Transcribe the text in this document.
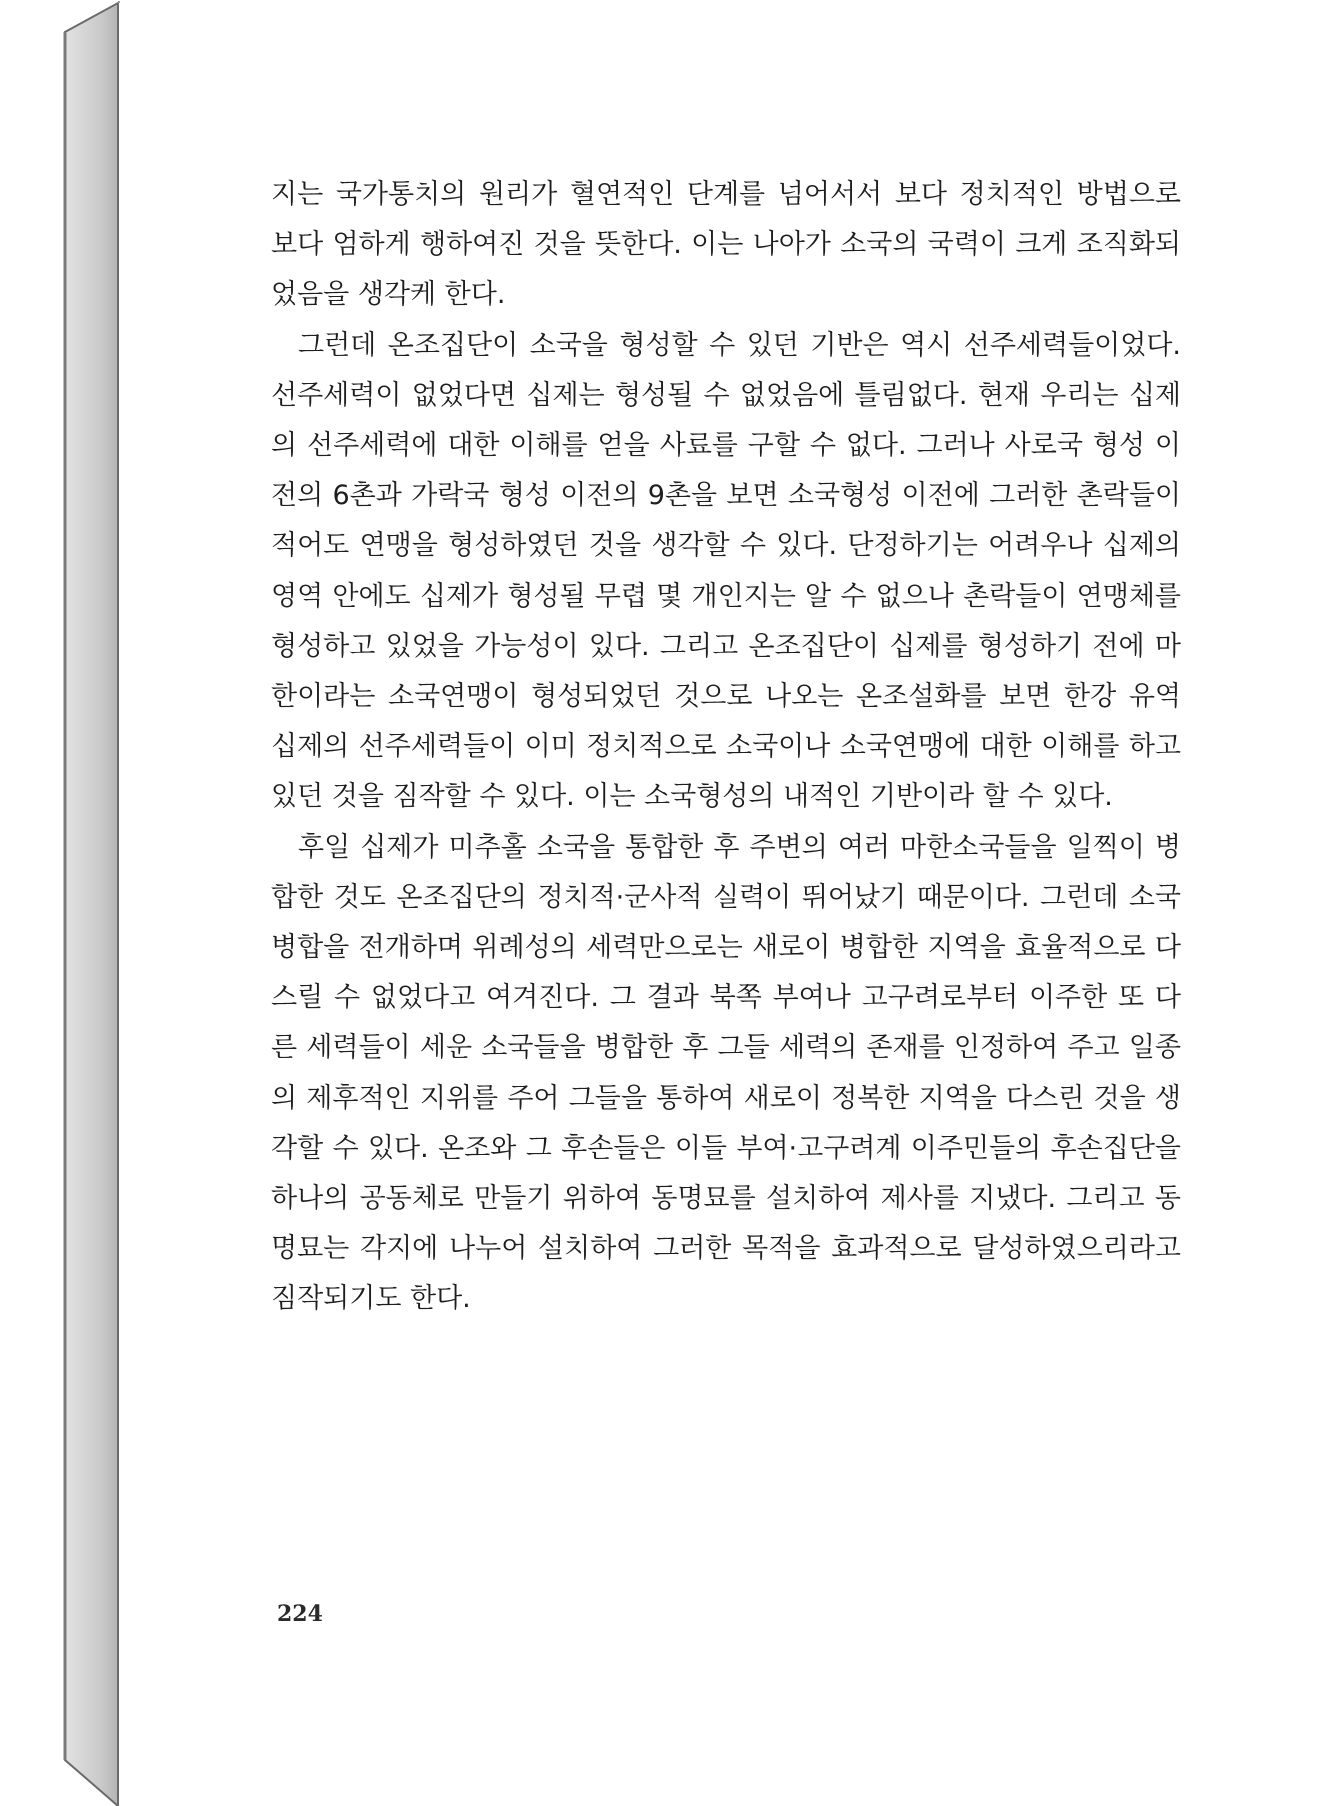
지는 국가통치의 원리가 혈연적인 단계를 넘어서서 보다 정치적인 방법으로 보다 엄하게 행하여진 것을 뜻한다. 이는 나아가 소국의 국력이 크게 조직화되었음을 생각케 한다.

그런데 온조집단이 소국을 형성할 수 있던 기반은 역시 선주세력들이었다. 선주세력이 없었다면 십제는 형성될 수 없었음에 틀림없다. 현재 우리는 십제의 선주세력에 대한 이해를 얻을 사료를 구할 수 없다. 그러나 사로국 형성 이전의 6촌과 가락국 형성 이전의 9촌을 보면 소국형성 이전에 그러한 촌락들이 적어도 연맹을 형성하였던 것을 생각할 수 있다. 단정하기는 어려우나 십제의 영역 안에도 십제가 형성될 무렵 몇 개인지는 알 수 없으나 촌락들이 연맹체를 형성하고 있었을 가능성이 있다. 그리고 온조집단이 십제를 형성하기 전에 마한이라는 소국연맹이 형성되었던 것으로 나오는 온조설화를 보면 한강 유역 십제의 선주세력들이 이미 정치적으로 소국이나 소국연맹에 대한 이해를 하고 있던 것을 짐작할 수 있다. 이는 소국형성의 내적인 기반이라 할 수 있다.

후일 십제가 미추홀 소국을 통합한 후 주변의 여러 마한소국들을 일찍이 병합한 것도 온조집단의 정치적·군사적 실력이 뛰어났기 때문이다. 그런데 소국 병합을 전개하며 위례성의 세력만으로는 새로이 병합한 지역을 효율적으로 다스릴 수 없었다고 여겨진다. 그 결과 북쪽 부여나 고구려로부터 이주한 또 다른 세력들이 세운 소국들을 병합한 후 그들 세력의 존재를 인정하여 주고 일종의 제후적인 지위를 주어 그들을 통하여 새로이 정복한 지역을 다스린 것을 생각할 수 있다. 온조와 그 후손들은 이들 부여·고구려계 이주민들의 후손집단을 하나의 공동체로 만들기 위하여 동명묘를 설치하여 제사를 지냈다. 그리고 동명묘는 각지에 나누어 설치하여 그러한 목적을 효과적으로 달성하였으리라고 짐작되기도 한다.

224
